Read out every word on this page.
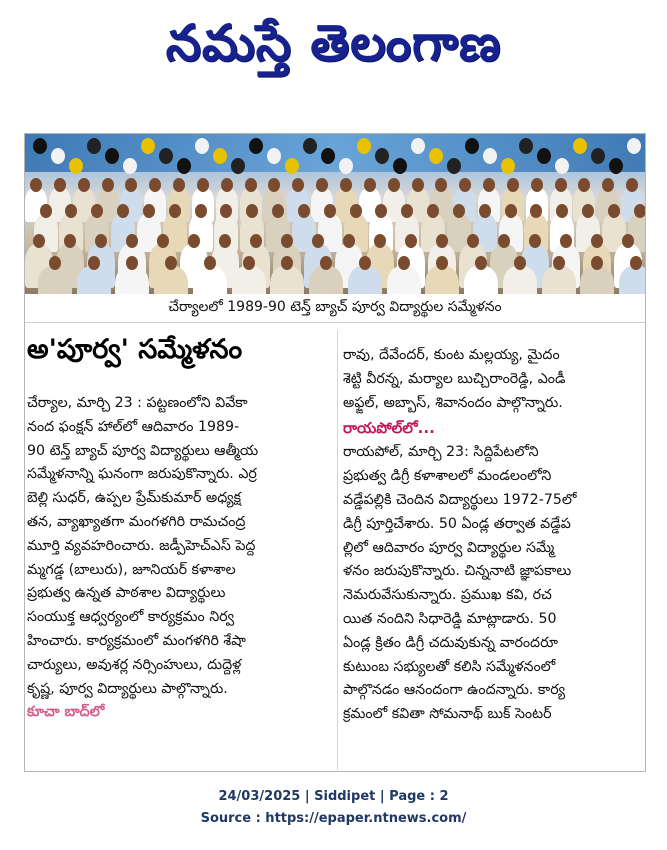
నమస్తే తెలంగాణ
చేర్యాలలో 1989-90 టెన్త్ బ్యాచ్ పూర్వ విద్యార్థుల సమ్మేళనం
అ'పూర్వ' సమ్మేళనం
చేర్యాల, మార్చి 23 : పట్టణంలోని వివేకా
నంద ఫంక్షన్ హాల్‌లో ఆదివారం 1989-
90 టెన్త్ బ్యాచ్ పూర్వ విద్యార్థులు ఆత్మీయ
సమ్మేళనాన్ని ఘనంగా జరుపుకొన్నారు. ఎర్ర
బెల్లి సుధర్, ఉప్పల ప్రేమ్‌కుమార్ అధ్యక్ష
తన, వ్యాఖ్యాతగా మంగళగిరి రామచంద్ర
మూర్తి వ్యవహరించారు. జడ్పీహెచ్‌ఎస్ పెద్ద
మ్మగడ్డ (బాలురు), జూనియర్ కళాశాల
ప్రభుత్వ ఉన్నత పాఠశాల విద్యార్థులు
సంయుక్త ఆధ్వర్యంలో కార్యక్రమం నిర్వ
హించారు. కార్యక్రమంలో మంగళగిరి శేషా
చార్యులు, అవుశర్ల నర్సింహులు, దుద్దెళ్ల
కృష్ణ, పూర్వ విద్యార్థులు పాల్గొన్నారు.
కూచా బాద్‌లో
రావు, దేవేందర్, కుంట మల్లయ్య, మైదం
శెట్టి వీరన్న, మర్యాల బుచ్చిరాంరెడ్డి, ఎండీ
అఫ్జల్, అబ్బాస్, శివానందం పాల్గొన్నారు.
రాయపోల్‌లో...
రాయపోల్, మార్చి 23: సిద్దిపేటలోని
ప్రభుత్వ డిగ్రీ కళాశాలలో మండలంలోని
వడ్డేపల్లికి చెందిన విద్యార్థులు 1972-75లో
డిగ్రీ పూర్తిచేశారు. 50 ఏండ్ల తర్వాత వడ్డేప
ల్లిలో ఆదివారం పూర్వ విద్యార్థుల సమ్మే
ళనం జరుపుకొన్నారు. చిన్ననాటి జ్ఞాపకాలు
నెమరువేసుకున్నారు. ప్రముఖ కవి, రచ
యిత నందిని సిధారెడ్డి మాట్లాడారు. 50
ఏండ్ల క్రితం డిగ్రీ చదువుకున్న వారందరూ
కుటుంబ సభ్యులతో కలిసి సమ్మేళనంలో
పాల్గొనడం ఆనందంగా ఉందన్నారు. కార్య
క్రమంలో కవితా సోమనాథ్ బుక్ సెంటర్
24/03/2025 | Siddipet | Page : 2
Source : https://epaper.ntnews.com/
